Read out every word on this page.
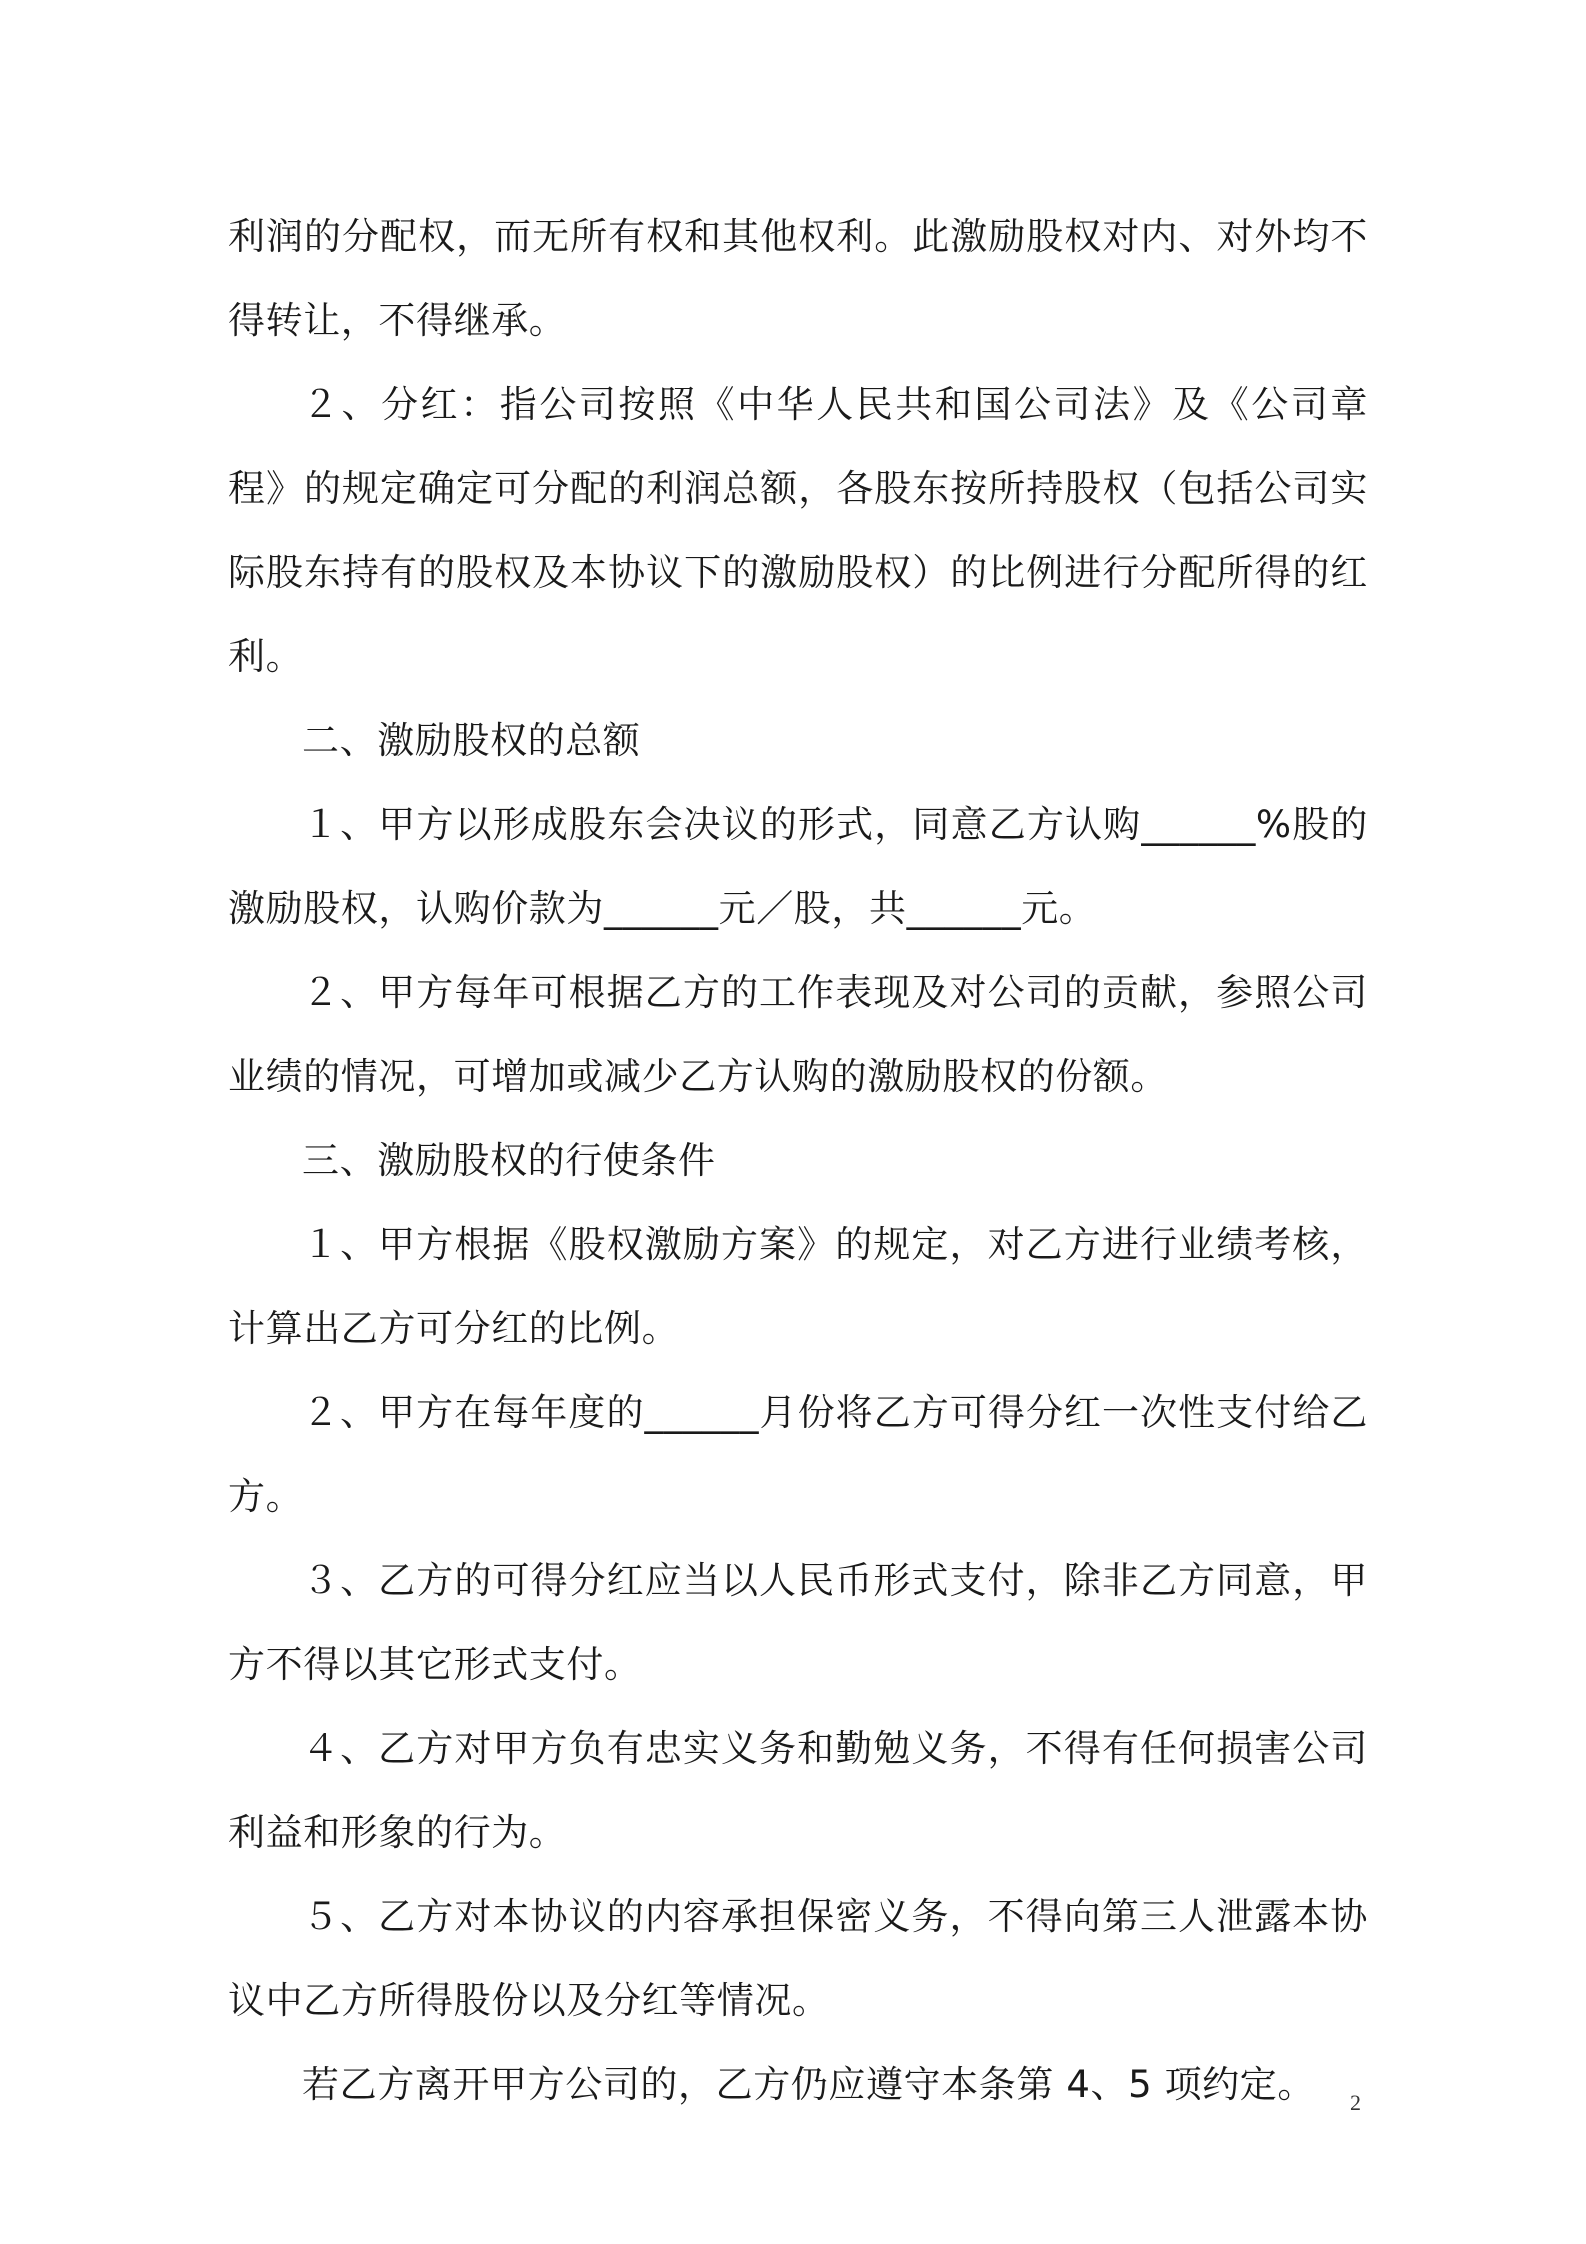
利润的分配权，而无所有权和其他权利。此激励股权对内、对外均不得转让，不得继承。

２、分红：指公司按照《中华人民共和国公司法》及《公司章程》的规定确定可分配的利润总额，各股东按所持股权（包括公司实际股东持有的股权及本协议下的激励股权）的比例进行分配所得的红利。

二、激励股权的总额

１、甲方以形成股东会决议的形式，同意乙方认购______%股的激励股权，认购价款为______元／股，共______元。

２、甲方每年可根据乙方的工作表现及对公司的贡献，参照公司业绩的情况，可增加或减少乙方认购的激励股权的份额。

三、激励股权的行使条件

１、甲方根据《股权激励方案》的规定，对乙方进行业绩考核，计算出乙方可分红的比例。

２、甲方在每年度的______月份将乙方可得分红一次性支付给乙方。

３、乙方的可得分红应当以人民币形式支付，除非乙方同意，甲方不得以其它形式支付。

４、乙方对甲方负有忠实义务和勤勉义务，不得有任何损害公司利益和形象的行为。

５、乙方对本协议的内容承担保密义务，不得向第三人泄露本协议中乙方所得股份以及分红等情况。

若乙方离开甲方公司的，乙方仍应遵守本条第 4、5 项约定。	2
